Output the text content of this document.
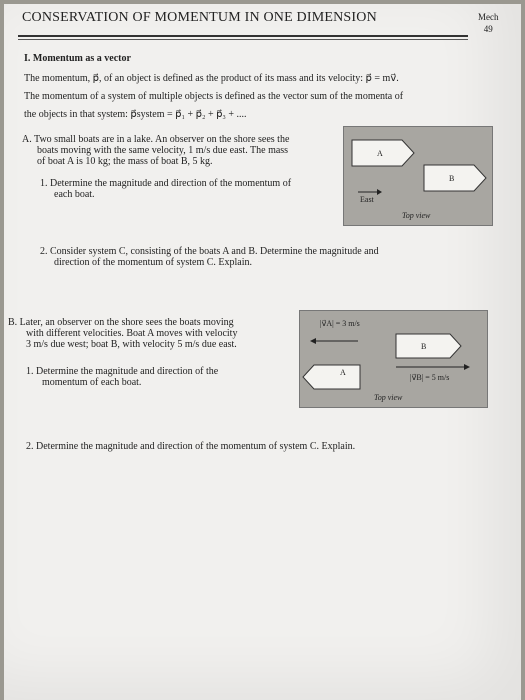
CONSERVATION OF MOMENTUM IN ONE DIMENSION	Mech
49
I. Momentum as a vector
The momentum, p⃗, of an object is defined as the product of its mass and its velocity: p⃗ = mv⃗.
The momentum of a system of multiple objects is defined as the vector sum of the momenta of
the objects in that system: p⃗system = p⃗₁ + p⃗₂ + p⃗₃ + ....
A. Two small boats are in a lake. An observer on the shore sees the
boats moving with the same velocity, 1 m/s due east. The mass
of boat A is 10 kg; the mass of boat B, 5 kg.
1. Determine the magnitude and direction of the momentum of
each boat.
A
B
East
Top view
2. Consider system C, consisting of the boats A and B. Determine the magnitude and
direction of the momentum of system C. Explain.
B. Later, an observer on the shore sees the boats moving
with different velocities. Boat A moves with velocity
3 m/s due west; boat B, with velocity 5 m/s due east.
1. Determine the magnitude and direction of the
momentum of each boat.
|v⃗A| = 3 m/s
B
A
|v⃗B| = 5 m/s
Top view
2. Determine the magnitude and direction of the momentum of system C. Explain.
